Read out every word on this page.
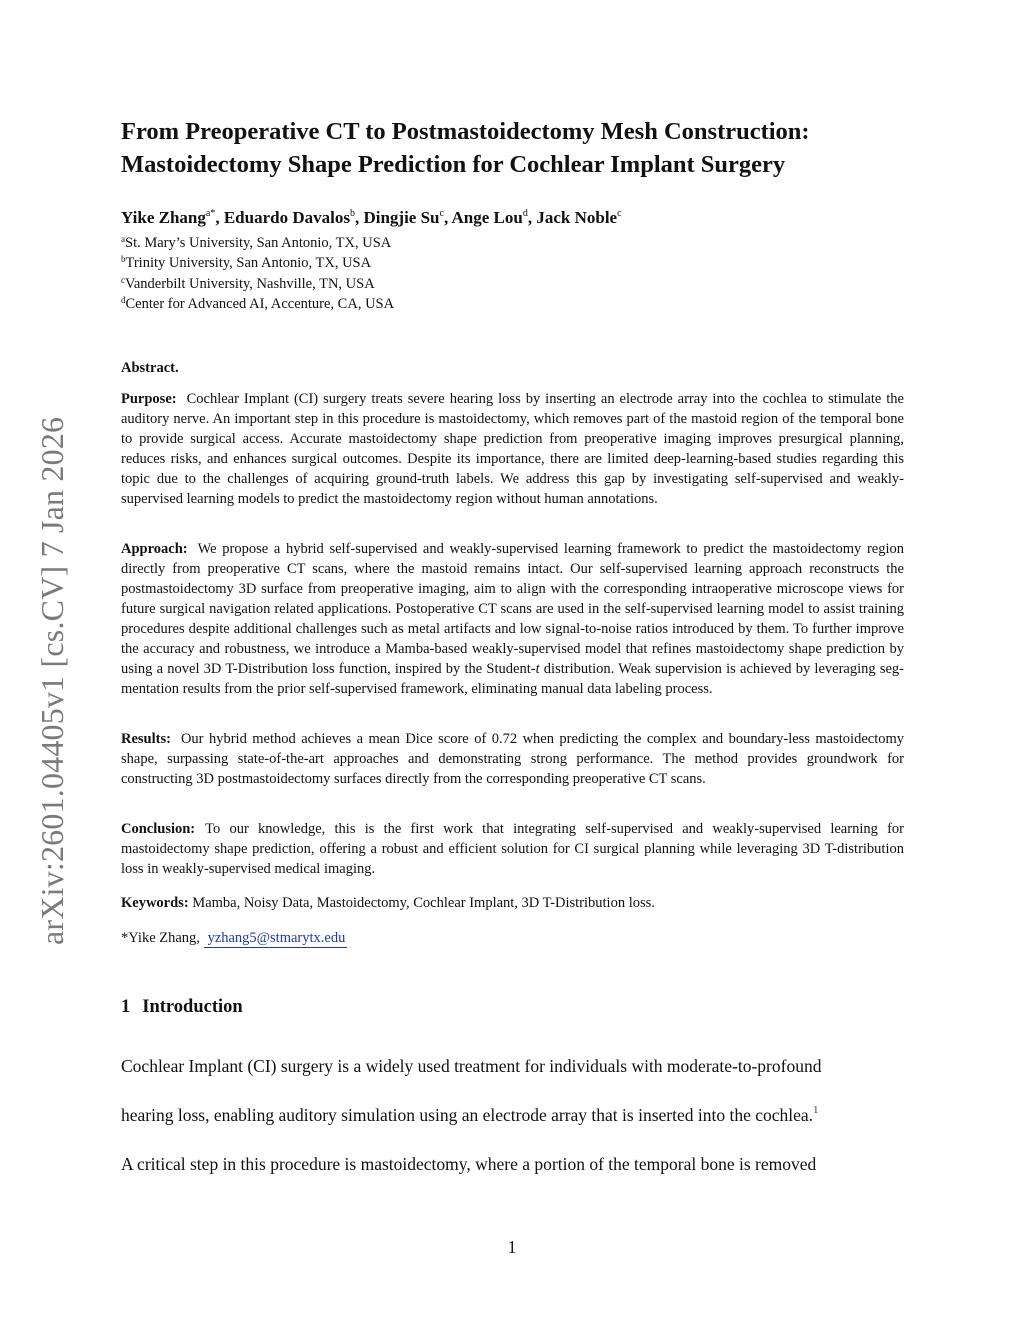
arXiv:2601.04405v1 [cs.CV] 7 Jan 2026
From Preoperative CT to Postmastoidectomy Mesh Construction:
Mastoidectomy Shape Prediction for Cochlear Implant Surgery
Yike Zhang$^{a*}$, Eduardo Davalos$^b$, Dingjie Su$^c$, Ange Lou$^d$, Jack Noble$^c$
$^a$St. Mary’s University, San Antonio, TX, USA
$^b$Trinity University, San Antonio, TX, USA
$^c$Vanderbilt University, Nashville, TN, USA
$^d$Center for Advanced AI, Accenture, CA, USA
Abstract.
Purpose: Cochlear Implant (CI) surgery treats severe hearing loss by inserting an electrode array into the cochlea to stimulate the auditory nerve. An important step in this procedure is mastoidectomy, which removes part of the mastoid region of the temporal bone to provide surgical access. Accurate mastoidectomy shape prediction from preoperative imaging improves presurgical planning, reduces risks, and enhances surgical outcomes. Despite its importance, there are limited deep-learning-based studies regarding this topic due to the challenges of acquiring ground-truth labels. We address this gap by investigating self-supervised and weakly-supervised learning models to predict the mastoidectomy region without human annotations.
Approach: We propose a hybrid self-supervised and weakly-supervised learning framework to predict the mastoidectomy region directly from preoperative CT scans, where the mastoid remains intact. Our self-supervised learning approach reconstructs the postmastoidectomy 3D surface from preoperative imaging, aim to align with the corresponding intraoperative microscope views for future surgical navigation related applications. Postoperative CT scans are used in the self-supervised learning model to assist training procedures despite additional challenges such as metal artifacts and low signal-to-noise ratios introduced by them. To further improve the accuracy and robustness, we introduce a Mamba-based weakly-supervised model that refines mastoidectomy shape prediction by using a novel 3D T-Distribution loss function, inspired by the Student-t distribution. Weak supervision is achieved by leveraging segmentation results from the prior self-supervised framework, eliminating manual data labeling process.
Results: Our hybrid method achieves a mean Dice score of 0.72 when predicting the complex and boundary-less mastoidectomy shape, surpassing state-of-the-art approaches and demonstrating strong performance. The method provides groundwork for constructing 3D postmastoidectomy surfaces directly from the corresponding preoperative CT scans.
Conclusion: To our knowledge, this is the first work that integrating self-supervised and weakly-supervised learning for mastoidectomy shape prediction, offering a robust and efficient solution for CI surgical planning while leveraging 3D T-distribution loss in weakly-supervised medical imaging.
Keywords: Mamba, Noisy Data, Mastoidectomy, Cochlear Implant, 3D T-Distribution loss.
*Yike Zhang, yzhang5@stmarytx.edu
1 Introduction
Cochlear Implant (CI) surgery is a widely used treatment for individuals with moderate-to-profound
hearing loss, enabling auditory simulation using an electrode array that is inserted into the cochlea.$^1$
A critical step in this procedure is mastoidectomy, where a portion of the temporal bone is removed
1
